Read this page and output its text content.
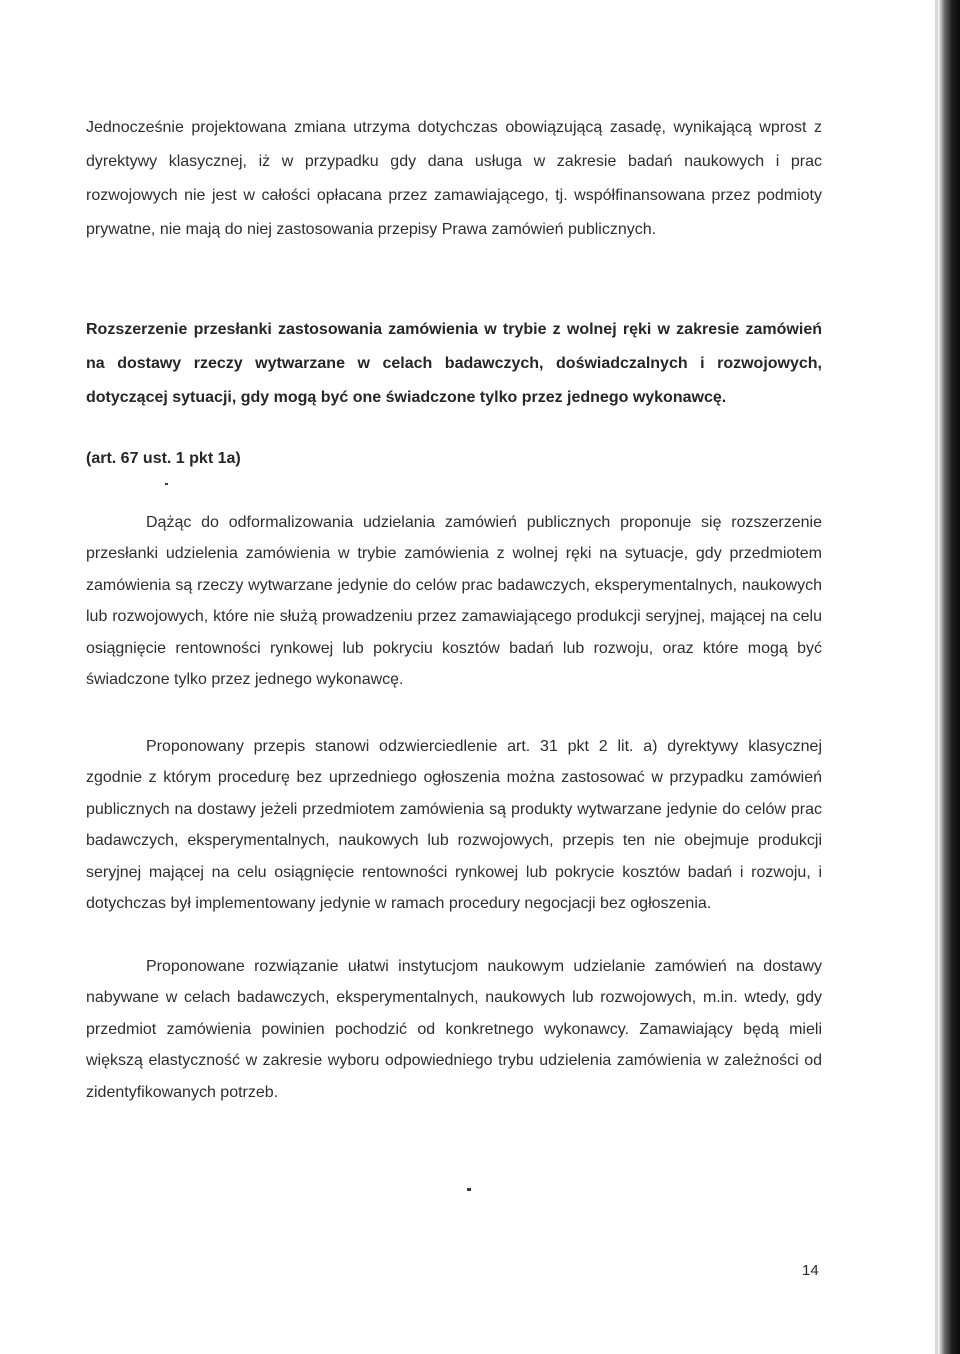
Jednocześnie projektowana zmiana utrzyma dotychczas obowiązującą zasadę, wynikającą wprost z dyrektywy klasycznej, iż w przypadku gdy dana usługa w zakresie badań naukowych i prac rozwojowych nie jest w całości opłacana przez zamawiającego, tj. współfinansowana przez podmioty prywatne, nie mają do niej zastosowania przepisy Prawa zamówień publicznych.

Rozszerzenie przesłanki zastosowania zamówienia w trybie z wolnej ręki w zakresie zamówień na dostawy rzeczy wytwarzane w celach badawczych, doświadczalnych i rozwojowych, dotyczącej sytuacji, gdy mogą być one świadczone tylko przez jednego wykonawcę.

(art. 67 ust. 1 pkt 1a)

Dążąc do odformalizowania udzielania zamówień publicznych proponuje się rozszerzenie przesłanki udzielenia zamówienia w trybie zamówienia z wolnej ręki na sytuacje, gdy przedmiotem zamówienia są rzeczy wytwarzane jedynie do celów prac badawczych, eksperymentalnych, naukowych lub rozwojowych, które nie służą prowadzeniu przez zamawiającego produkcji seryjnej, mającej na celu osiągnięcie rentowności rynkowej lub pokryciu kosztów badań lub rozwoju, oraz które mogą być świadczone tylko przez jednego wykonawcę.

Proponowany przepis stanowi odzwierciedlenie art. 31 pkt 2 lit. a) dyrektywy klasycznej zgodnie z którym procedurę bez uprzedniego ogłoszenia można zastosować w przypadku zamówień publicznych na dostawy jeżeli przedmiotem zamówienia są produkty wytwarzane jedynie do celów prac badawczych, eksperymentalnych, naukowych lub rozwojowych, przepis ten nie obejmuje produkcji seryjnej mającej na celu osiągnięcie rentowności rynkowej lub pokrycie kosztów badań i rozwoju, i dotychczas był implementowany jedynie w ramach procedury negocjacji bez ogłoszenia.

Proponowane rozwiązanie ułatwi instytucjom naukowym udzielanie zamówień na dostawy nabywane w celach badawczych, eksperymentalnych, naukowych lub rozwojowych, m.in. wtedy, gdy przedmiot zamówienia powinien pochodzić od konkretnego wykonawcy. Zamawiający będą mieli większą elastyczność w zakresie wyboru odpowiedniego trybu udzielenia zamówienia w zależności od zidentyfikowanych potrzeb.

14
